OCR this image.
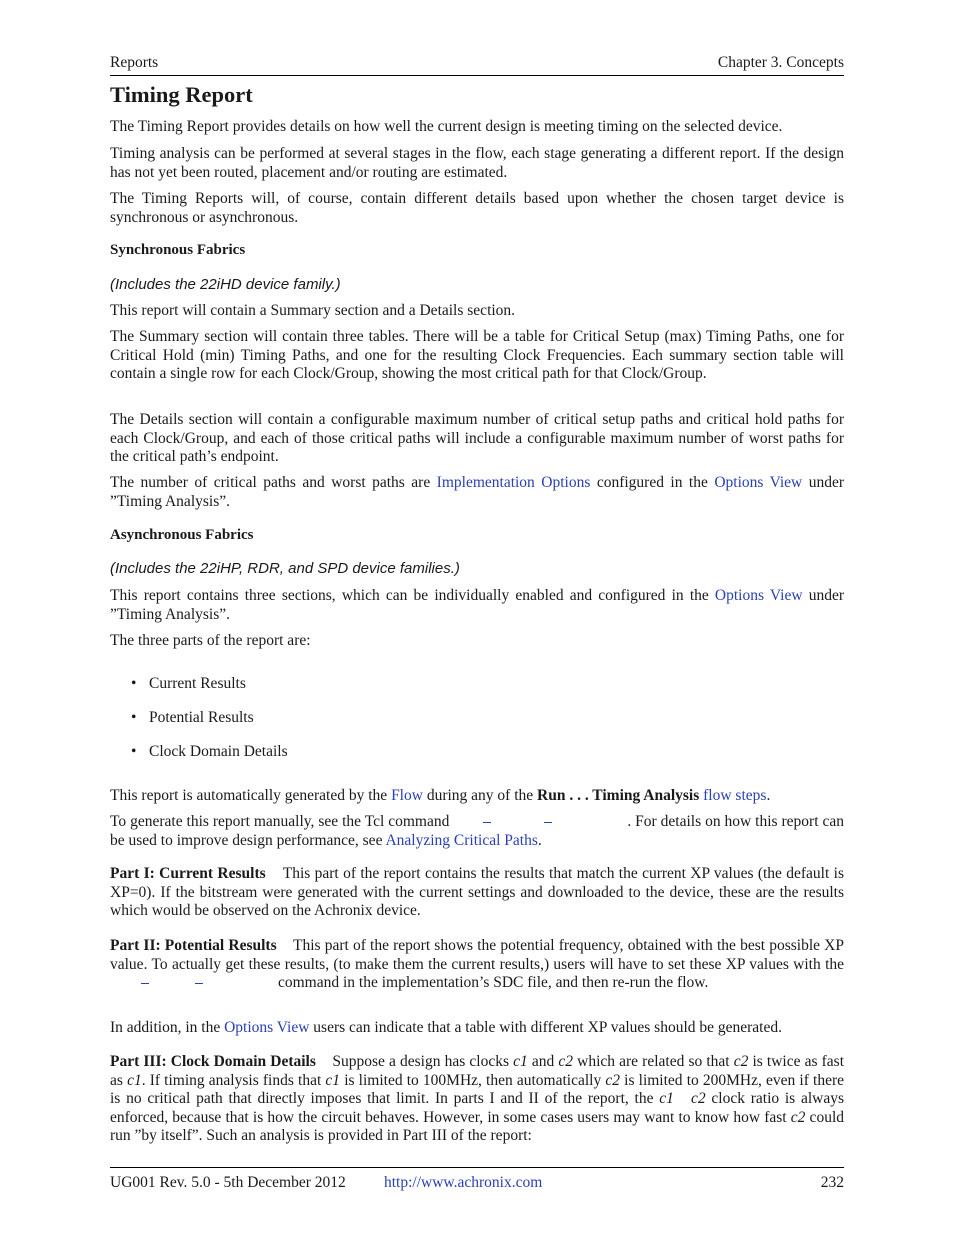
Reports	Chapter 3. Concepts
Timing Report

The Timing Report provides details on how well the current design is meeting timing on the selected device.

Timing analysis can be performed at several stages in the flow, each stage generating a different report. If the design has not yet been routed, placement and/or routing are estimated.

The Timing Reports will, of course, contain different details based upon whether the chosen target device is synchronous or asynchronous.

Synchronous Fabrics

(Includes the 22iHD device family.)

This report will contain a Summary section and a Details section.

The Summary section will contain three tables. There will be a table for Critical Setup (max) Timing Paths, one for Critical Hold (min) Timing Paths, and one for the resulting Clock Frequencies. Each summary section table will contain a single row for each Clock/Group, showing the most critical path for that Clock/Group.

The Details section will contain a configurable maximum number of critical setup paths and critical hold paths for each Clock/Group, and each of those critical paths will include a configurable maximum number of worst paths for the critical path’s endpoint.

The number of critical paths and worst paths are Implementation Options configured in the Options View under ”Timing Analysis”.

Asynchronous Fabrics

(Includes the 22iHP, RDR, and SPD device families.)

This report contains three sections, which can be individually enabled and configured in the Options View under ”Timing Analysis”.

The three parts of the report are:

• Current Results
• Potential Results
• Clock Domain Details

This report is automatically generated by the Flow during any of the Run . . . Timing Analysis flow steps.

To generate this report manually, see the Tcl command	. For details on how this report can be used to improve design performance, see Analyzing Critical Paths.

Part I: Current Results This part of the report contains the results that match the current XP values (the default is XP=0). If the bitstream were generated with the current settings and downloaded to the device, these are the results which would be observed on the Achronix device.

Part II: Potential Results This part of the report shows the potential frequency, obtained with the best possible XP value. To actually get these results, (to make them the current results,) users will have to set these XP values with the
command in the implementation’s SDC file, and then re-run the flow.

In addition, in the Options View users can indicate that a table with different XP values should be generated.

Part III: Clock Domain Details Suppose a design has clocks c1 and c2 which are related so that c2 is twice as fast as c1. If timing analysis finds that c1 is limited to 100MHz, then automatically c2 is limited to 200MHz, even if there is no critical path that directly imposes that limit. In parts I and II of the report, the c1 c2 clock ratio is always enforced, because that is how the circuit behaves. However, in some cases users may want to know how fast c2 could run ”by itself”. Such an analysis is provided in Part III of the report:

UG001 Rev. 5.0 - 5th December 2012 http://www.achronix.com	232
